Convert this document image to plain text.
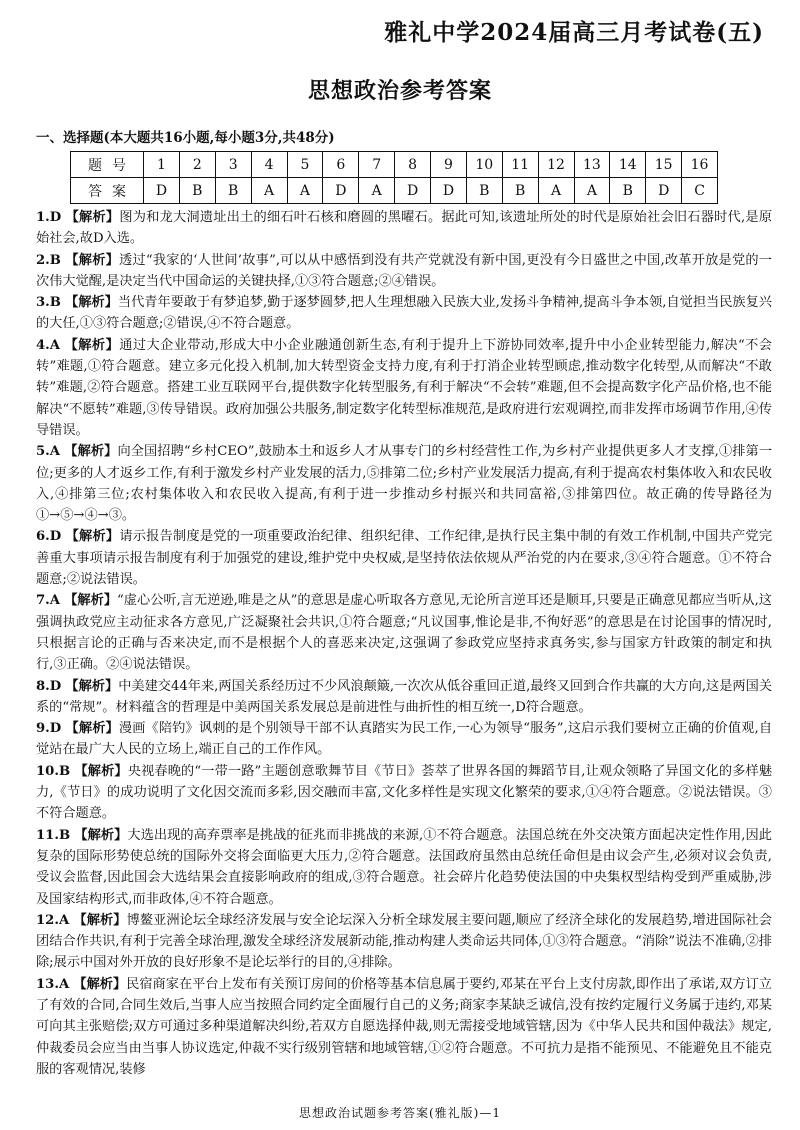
雅礼中学2024届高三月考试卷(五)
思想政治参考答案
一、选择题(本大题共16小题,每小题3分,共48分)
题号	1	2	3	4	5	6	7	8	9	10	11	12	13	14	15	16
答案	D	B	B	A	A	D	A	D	D	B	B	A	A	B	D	C

1.D 【解析】图为和龙大洞遗址出土的细石叶石核和磨圆的黑曜石。据此可知,该遗址所处的时代是原始社会旧石器时代,是原始社会,故D入选。

2.B 【解析】透过“我家的‘人世间’故事”,可以从中感悟到没有共产党就没有新中国,更没有今日盛世之中国,改革开放是党的一次伟大觉醒,是决定当代中国命运的关键抉择,①③符合题意;②④错误。

3.B 【解析】当代青年要敢于有梦追梦,勤于逐梦圆梦,把人生理想融入民族大业,发扬斗争精神,提高斗争本领,自觉担当民族复兴的大任,①③符合题意;②错误,④不符合题意。

4.A 【解析】通过大企业带动,形成大中小企业融通创新生态,有利于提升上下游协同效率,提升中小企业转型能力,解决“不会转”难题,①符合题意。建立多元化投入机制,加大转型资金支持力度,有利于打消企业转型顾虑,推动数字化转型,从而解决“不敢转”难题,②符合题意。搭建工业互联网平台,提供数字化转型服务,有利于解决“不会转”难题,但不会提高数字化产品价格,也不能解决“不愿转”难题,③传导错误。政府加强公共服务,制定数字化转型标准规范,是政府进行宏观调控,而非发挥市场调节作用,④传导错误。

5.A 【解析】向全国招聘“乡村CEO”,鼓励本土和返乡人才从事专门的乡村经营性工作,为乡村产业提供更多人才支撑,①排第一位;更多的人才返乡工作,有利于激发乡村产业发展的活力,⑤排第二位;乡村产业发展活力提高,有利于提高农村集体收入和农民收入,④排第三位;农村集体收入和农民收入提高,有利于进一步推动乡村振兴和共同富裕,③排第四位。故正确的传导路径为①→⑤→④→③。

6.D 【解析】请示报告制度是党的一项重要政治纪律、组织纪律、工作纪律,是执行民主集中制的有效工作机制,中国共产党完善重大事项请示报告制度有利于加强党的建设,维护党中央权威,是坚持依法依规从严治党的内在要求,③④符合题意。①不符合题意;②说法错误。

7.A 【解析】“虚心公听,言无逆逊,唯是之从”的意思是虚心听取各方意见,无论所言逆耳还是顺耳,只要是正确意见都应当听从,这强调执政党应主动征求各方意见,广泛凝聚社会共识,①符合题意;“凡议国事,惟论是非,不徇好恶”的意思是在讨论国事的情况时,只根据言论的正确与否来决定,而不是根据个人的喜恶来决定,这强调了参政党应坚持求真务实,参与国家方针政策的制定和执行,③正确。②④说法错误。

8.D 【解析】中美建交44年来,两国关系经历过不少风浪颠簸,一次次从低谷重回正道,最终又回到合作共赢的大方向,这是两国关系的“常规”。材料蕴含的哲理是中美两国关系发展总是前进性与曲折性的相互统一,D符合题意。

9.D 【解析】漫画《陪钓》讽刺的是个别领导干部不认真踏实为民工作,一心为领导“服务”,这启示我们要树立正确的价值观,自觉站在最广大人民的立场上,端正自己的工作作风。

10.B 【解析】央视春晚的“一带一路”主题创意歌舞节目《节日》荟萃了世界各国的舞蹈节目,让观众领略了异国文化的多样魅力,《节日》的成功说明了文化因交流而多彩,因交融而丰富,文化多样性是实现文化繁荣的要求,①④符合题意。②说法错误。③不符合题意。

11.B 【解析】大选出现的高弃票率是挑战的征兆而非挑战的来源,①不符合题意。法国总统在外交决策方面起决定性作用,因此复杂的国际形势使总统的国际外交将会面临更大压力,②符合题意。法国政府虽然由总统任命但是由议会产生,必须对议会负责,受议会监督,因此国会大选结果会直接影响政府的组成,③符合题意。社会碎片化趋势使法国的中央集权型结构受到严重威胁,涉及国家结构形式,而非政体,④不符合题意。

12.A 【解析】博鳌亚洲论坛全球经济发展与安全论坛深入分析全球发展主要问题,顺应了经济全球化的发展趋势,增进国际社会团结合作共识,有利于完善全球治理,激发全球经济发展新动能,推动构建人类命运共同体,①③符合题意。“消除”说法不准确,②排除;展示中国对外开放的良好形象不是论坛举行的目的,④排除。

13.A 【解析】民宿商家在平台上发布有关预订房间的价格等基本信息属于要约,邓某在平台上支付房款,即作出了承诺,双方订立了有效的合同,合同生效后,当事人应当按照合同约定全面履行自己的义务;商家李某缺乏诚信,没有按约定履行义务属于违约,邓某可向其主张赔偿;双方可通过多种渠道解决纠纷,若双方自愿选择仲裁,则无需接受地域管辖,因为《中华人民共和国仲裁法》规定,仲裁委员会应当由当事人协议选定,仲裁不实行级别管辖和地域管辖,①②符合题意。不可抗力是指不能预见、不能避免且不能克服的客观情况,装修

思想政治试题参考答案(雅礼版)—1
